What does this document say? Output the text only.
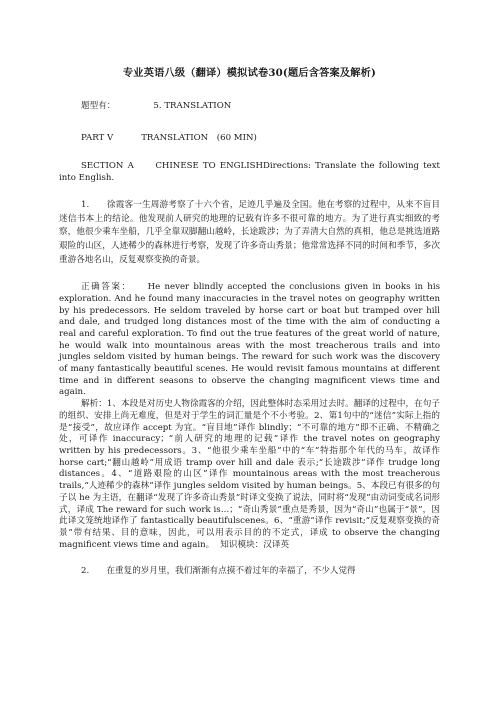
专业英语八级（翻译）模拟试卷30(题后含答案及解析)
题型有：	5. TRANSLATION
PART V	TRANSLATION　(60 MIN)

SECTION A　　CHINESE TO ENGLISHDirections: Translate the following text into English.

1.　　 徐霞客一生周游考察了十六个省，足迹几乎遍及全国。他在考察的过程中，从来不盲目迷信书本上的结论。他发现前人研究的地理的记载有许多不很可靠的地方。为了进行真实细致的考察，他很少乘车坐船，几乎全靠双脚翻山越岭，长途跋涉；为了弄清大自然的真相，他总是挑选道路艰险的山区，人迹稀少的森林进行考察，发现了许多奇山秀景；他常常选择不同的时间和季节，多次重游各地名山，反复观察变换的奇景。

正确答案：　　 He never blindly accepted the conclusions given in books in his exploration. And he found many inaccuracies in the travel notes on geography written by his predecessors. He seldom traveled by horse cart or boat but tramped over hill and dale, and trudged long distances most of the time with the aim of conducting a real and careful exploration. To find out the true features of the great world of nature, he would walk into mountainous areas with the most treacherous trails and into jungles seldom visited by human beings. The reward for such work was the discovery of many fantastically beautiful scenes. He would revisit famous mountains at different time and in different seasons to observe the changing magnificent views time and again.

解析：1、本段是对历史人物徐霞客的介绍，因此整体时态采用过去时。翻译的过程中，在句子的组织、安排上尚无难度，但是对于学生的词汇量是个不小考验。2、第1句中的“迷信”实际上指的是“接受”，故应译作 accept 为宜。“盲目地”译作 blindly；“不可靠的地方”即不正确、不精确之处，可译作 inaccuracy；“前人研究的地理的记载”译作 the travel notes on geography written by his predecessors。3、“他很少乘车坐船”中的“车”特指那个年代的马车，故译作 horse cart;“翻山越岭”用成语 tramp over hill and dale 表示;“长途跋涉”译作 trudge long distances。4、“道路艰险的山区”译作 mountainous areas with the most treacherous trails,“人迹稀少的森林”译作 jungles seldom visited by human beings。5、本段已有很多的句子以 he 为主语，在翻译“发现了许多奇山秀景”时译文变换了说法，同时将“发现”由动词变成名词形式，译成 The reward for such work is…；“奇山秀景”重点是秀景，因为“奇山”也属于“景”，因此译文笼统地译作了 fantastically beautifulscenes。6、“重游”译作 revisit;“反复观察变换的奇景”带有结果、目的意味，因此，可以用表示目的的不定式，译成 to observe the changing magnificent views time and again。 知识模块：汉译英

2.　　 在重复的岁月里，我们渐渐有点摸不着过年的幸福了，不少人觉得
